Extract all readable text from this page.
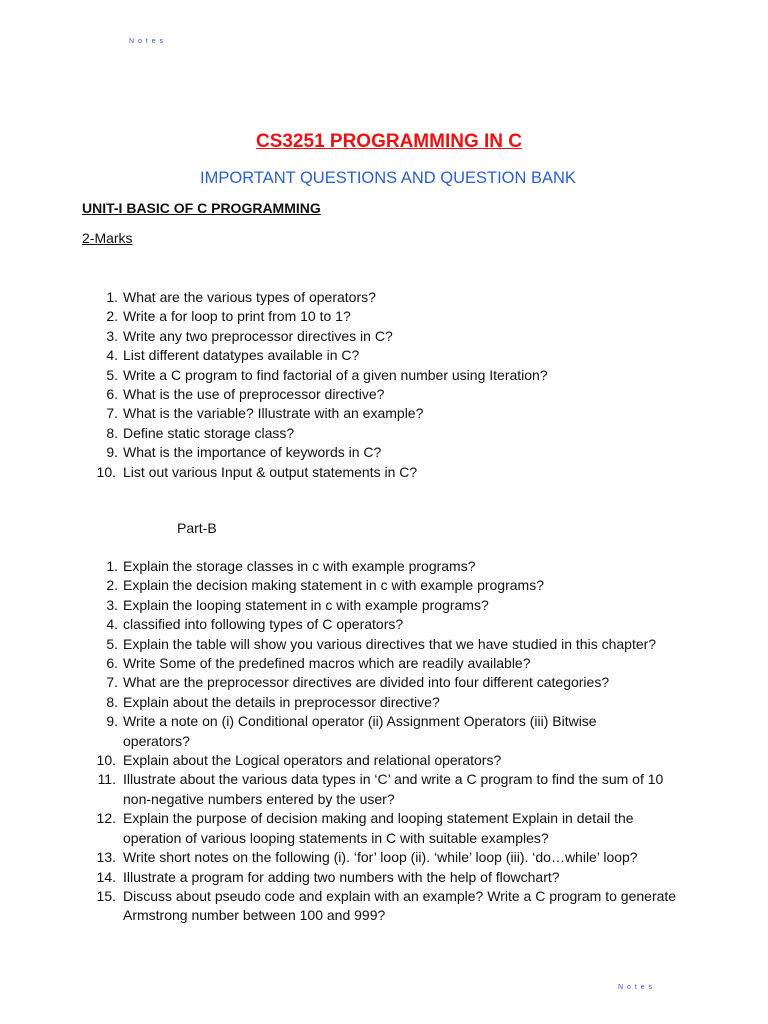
N o t e s
CS3251 PROGRAMMING IN C
IMPORTANT QUESTIONS AND QUESTION BANK
UNIT-I BASIC OF C PROGRAMMING
2-Marks
1. What are the various types of operators?
2. Write a for loop to print from 10 to 1?
3. Write any two preprocessor directives in C?
4. List different datatypes available in C?
5. Write a C program to find factorial of a given number using Iteration?
6. What is the use of preprocessor directive?
7. What is the variable? Illustrate with an example?
8. Define static storage class?
9. What is the importance of keywords in C?
10. List out various Input & output statements in C?
Part-B
1. Explain the storage classes in c with example programs?
2. Explain the decision making statement in c with example programs?
3. Explain the looping statement in c with example programs?
4. classified into following types of C operators?
5. Explain the table will show you various directives that we have studied in this chapter?
6. Write Some of the predefined macros which are readily available?
7. What are the preprocessor directives are divided into four different categories?
8. Explain about the details in preprocessor directive?
9. Write a note on (i) Conditional operator (ii) Assignment Operators (iii) Bitwise operators?
10. Explain about the Logical operators and relational operators?
11. Illustrate about the various data types in ‘C’ and write a C program to find the sum of 10 non-negative numbers entered by the user?
12. Explain the purpose of decision making and looping statement Explain in detail the operation of various looping statements in C with suitable examples?
13. Write short notes on the following (i). ‘for’ loop (ii). ‘while’ loop (iii). ‘do…while’ loop?
14. Illustrate a program for adding two numbers with the help of flowchart?
15. Discuss about pseudo code and explain with an example? Write a C program to generate Armstrong number between 100 and 999?
N o t e s
